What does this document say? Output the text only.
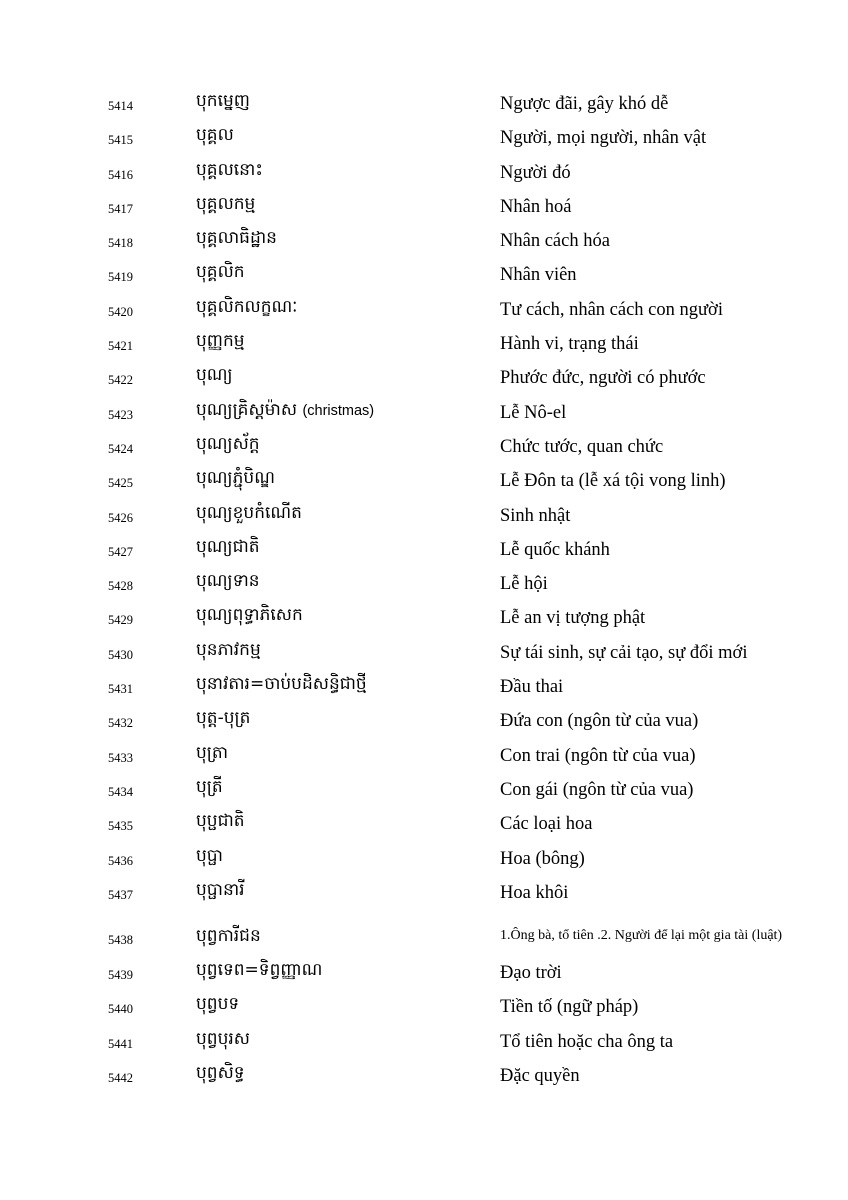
5414	បុកម្នេញ	Ngược đãi, gây khó dễ
5415	បុគ្គល	Người, mọi người, nhân vật
5416	បុគ្គលនោះ	Người đó
5417	បុគ្គលកម្ម	Nhân hoá
5418	បុគ្គលាធិដ្ឋាន	Nhân cách hóa
5419	បុគ្គលិក	Nhân viên
5420	បុគ្គលិកលក្ខណៈ	Tư cách, nhân cách con người
5421	បុញ្ញកម្ម	Hành vi, trạng thái
5422	បុណ្យ	Phước đức, người có phước
5423	បុណ្យគ្រិស្តម៉ាស (christmas)	Lễ Nô-el
5424	បុណ្យស័ក្ត	Chức tước, quan chức
5425	បុណ្យភ្ជុំបិណ្ឌ	Lễ Đôn ta (lễ xá tội vong linh)
5426	បុណ្យខួបកំណើត	Sinh nhật
5427	បុណ្យជាតិ	Lễ quốc khánh
5428	បុណ្យទាន	Lễ hội
5429	បុណ្យពុទ្ធាភិសេក	Lễ an vị tượng phật
5430	បុនភាវកម្ម	Sự tái sinh, sự cải tạo, sự đổi mới
5431	បុនាវតារ=ចាប់បដិសន្ធិជាថ្មី	Đầu thai
5432	បុត្ត-បុត្រ	Đứa con (ngôn từ của vua)
5433	បុត្រា	Con trai (ngôn từ của vua)
5434	បុត្រី	Con gái (ngôn từ của vua)
5435	បុប្ផជាតិ	Các loại hoa
5436	បុប្ផា	Hoa (bông)
5437	បុប្ផានារី	Hoa khôi
5438	បុព្វការីជន	1.Ông bà, tổ tiên .2. Người để lại một gia tài (luật)
5439	បុព្វទេព=ទិព្វញ្ញាណ	Đạo trời
5440	បុព្វបទ	Tiền tố (ngữ pháp)
5441	បុព្វបុរស	Tổ tiên hoặc cha ông ta
5442	បុព្វសិទ្ធ	Đặc quyền
